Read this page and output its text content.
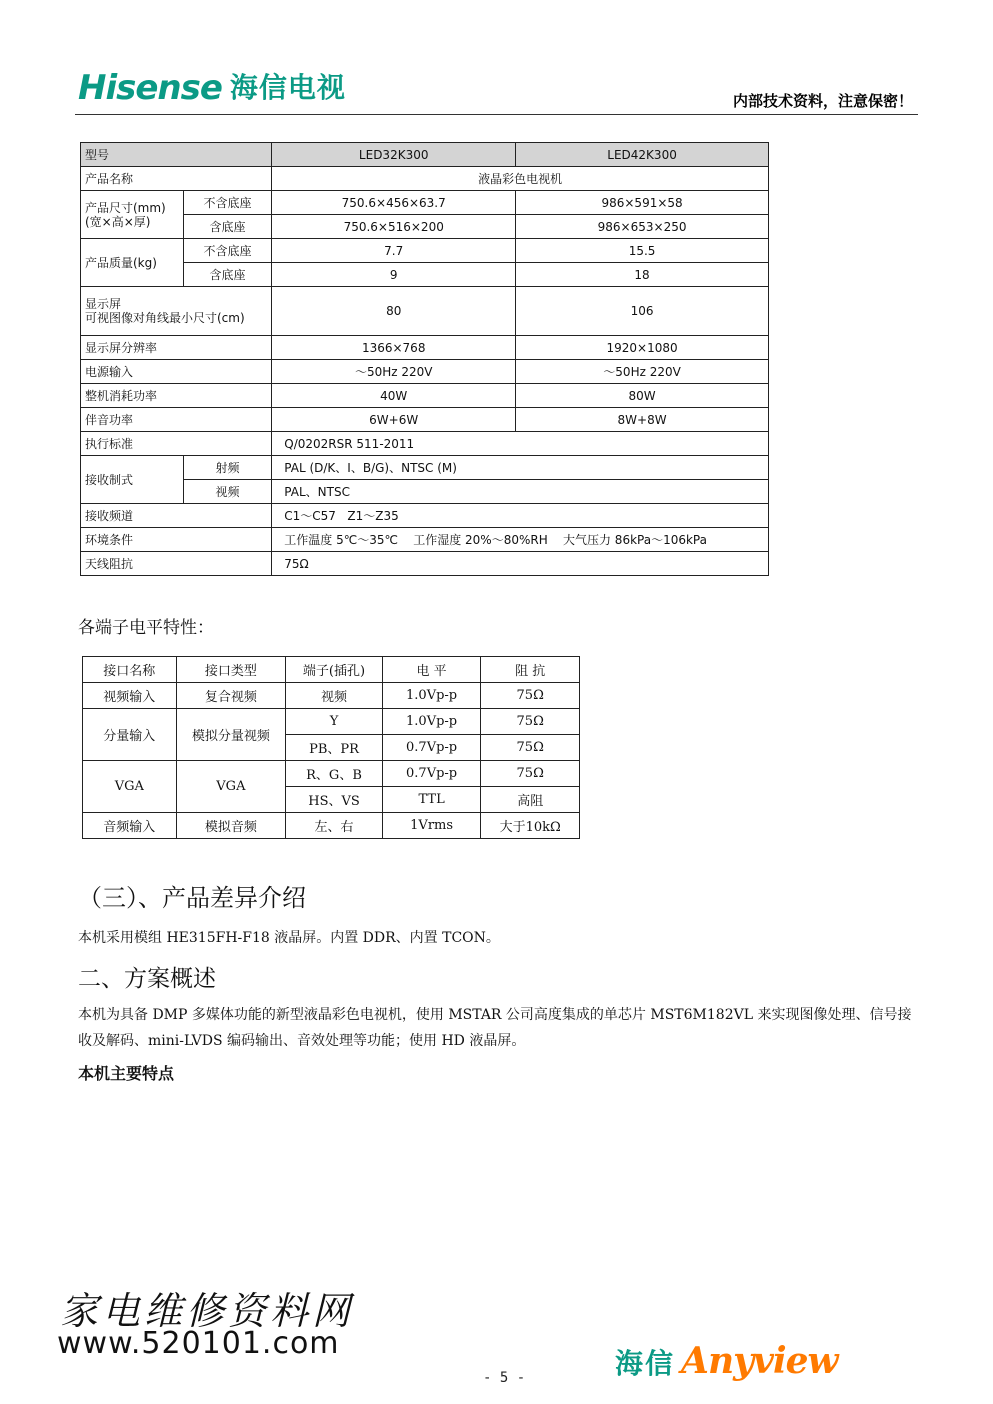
Hisense 海信电视	内部技术资料，注意保密！
型号		LED32K300	LED42K300
产品名称		液晶彩色电视机	
产品尺寸(mm)
(宽×高×厚)	不含底座	750.6×456×63.7	986×591×58
	含底座	750.6×516×200	986×653×250
产品质量(kg)	不含底座	7.7	15.5
	含底座	9	18

显示屏
可视图像对角线最小尺寸(cm)		80	106
显示屏分辨率		1366×768	1920×1080
电源输入		～50Hz 220V	～50Hz 220V
整机消耗功率		40W	80W
伴音功率		6W+6W	8W+8W
执行标准		Q/0202RSR 511-2011	
接收制式	射频	PAL (D/K、I、B/G)、NTSC (M)	
	视频	PAL、NTSC	
接收频道		C1～C57   Z1～Z35	
环境条件		工作温度 5℃～35℃    工作湿度 20%～80%RH    大气压力 86kPa～106kPa	
天线阻抗		75Ω	
各端子电平特性：
接口名称	接口类型	端子(插孔)	电 平	阻 抗
视频输入	复合视频	视频	1.0Vp-p	75Ω
分量输入	模拟分量视频	Y	1.0Vp-p	75Ω
		PB、PR	0.7Vp-p	75Ω
VGA	VGA	R、G、B	0.7Vp-p	75Ω
		HS、VS	TTL	高阻
音频输入	模拟音频	左、右	1Vrms	大于10kΩ
（三）、产品差异介绍
本机采用模组 HE315FH-F18 液晶屏。内置 DDR、内置 TCON。
二、方案概述
本机为具备 DMP 多媒体功能的新型液晶彩色电视机，使用 MSTAR 公司高度集成的单芯片 MST6M182VL 来实现图像处理、信号接收及解码、mini-LVDS 编码输出、音效处理等功能；使用 HD 液晶屏。
本机主要特点
家电维修资料网
www.520101.com
- 5 -	海信 Anyview
